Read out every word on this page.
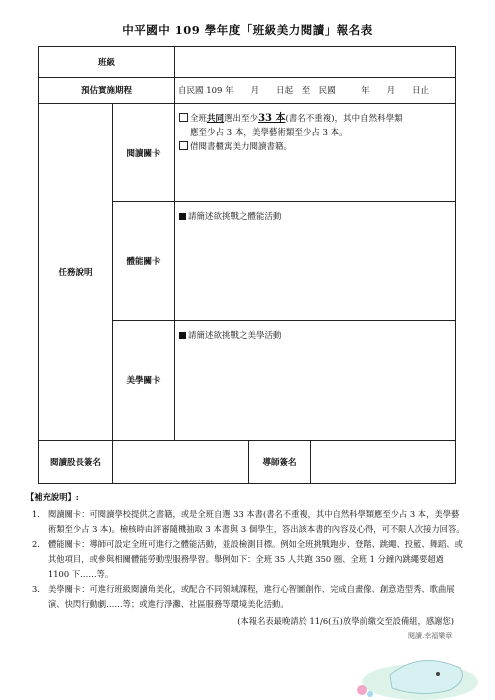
中平國中 109 學年度「班級美力閱讀」報名表
班級				
預估實施期程		自民國 109 年　　月　　日起　至　民國　　　年　　月　　日止		
任務說明	閱讀關卡	全班共同選出至少33 本(書名不重複)，其中自然科學類
應至少占 3 本，美學藝術類至少占 3 本。
借閱書櫃寓美力閱讀書籍。		

	體能關卡	請簡述欲挑戰之體能活動		
	美學關卡	請簡述欲挑戰之美學活動		
閱讀股長簽名			導師簽名	
【補充說明】:
1. 閱讀關卡：可閱讀學校提供之書籍，或是全班自選 33 本書(書名不重複，其中自然科學類應至少占 3 本，美學藝術類至少占 3 本)。檢核時由評審隨機抽取 3 本書與 3 個學生，答出該本書的內容及心得，可不限人次接力回答。
2. 體能關卡：導師可設定全班可進行之體能活動，並設檢測目標。例如全班挑戰跑步、登階、跳繩、投籃、舞蹈、或其他項目，或參與相關體能勞動型服務學習。舉例如下：全班 35 人共跑 350 圈、全班 1 分鐘內跳繩要超過 1100 下……等。
3. 美學關卡：可進行班級閱讀角美化，或配合不同領域課程，進行心智圖創作、完成自畫像、創意造型秀、歌曲展演、快閃行動劇……等；或進行淨灘、社區服務等環境美化活動。
(本報名表最晚請於 11/6(五)放學前繳交至設備組，感謝您)
閱讀.幸福樂章
